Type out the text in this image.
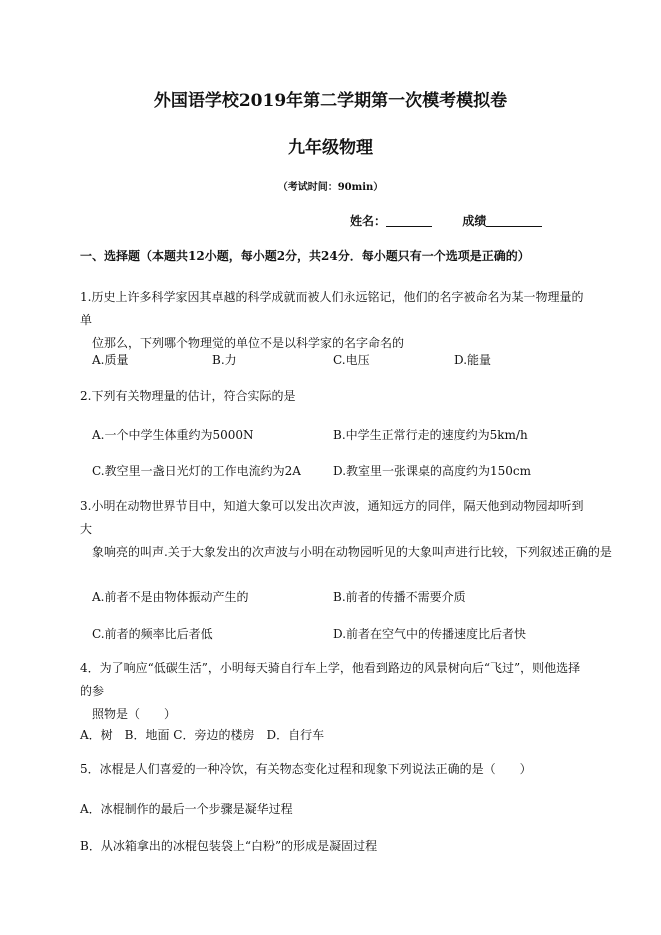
外国语学校2019年第二学期第一次模考模拟卷
九年级物理
（考试时间：90min）
姓名：	成绩
一、选择题（本题共12小题，每小题2分，共24分．每小题只有一个选项是正确的）
1.历史上许多科学家因其卓越的科学成就而被人们永远铭记，他们的名字被命名为某一物理量的单
位那么，下列哪个物理觉的单位不是以科学家的名字命名的
A.质量	B.力	C.电压	D.能量
2.下列有关物理量的估计，符合实际的是
A.一个中学生体重约为5000N	B.中学生正常行走的速度约为5km/h
C.教空里一盏日光灯的工作电流约为2A	D.教室里一张课桌的高度约为150cm
3.小明在动物世界节目中，知道大象可以发出次声波，通知远方的同伴，隔天他到动物园却听到大
象响亮的叫声.关于大象发出的次声波与小明在动物园听见的大象叫声进行比较，下列叙述正确的是
A.前者不是由物体振动产生的	B.前者的传播不需要介质
C.前者的频率比后者低	D.前者在空气中的传播速度比后者快
4．为了响应“低碳生活”，小明每天骑自行车上学，他看到路边的风景树向后“飞过”，则他选择的参
照物是（　　）
A．树　B．地面 C．旁边的楼房　D．自行车
5．冰棍是人们喜爱的一种冷饮，有关物态变化过程和现象下列说法正确的是（　　）
A．冰棍制作的最后一个步骤是凝华过程
B．从冰箱拿出的冰棍包装袋上“白粉”的形成是凝固过程
